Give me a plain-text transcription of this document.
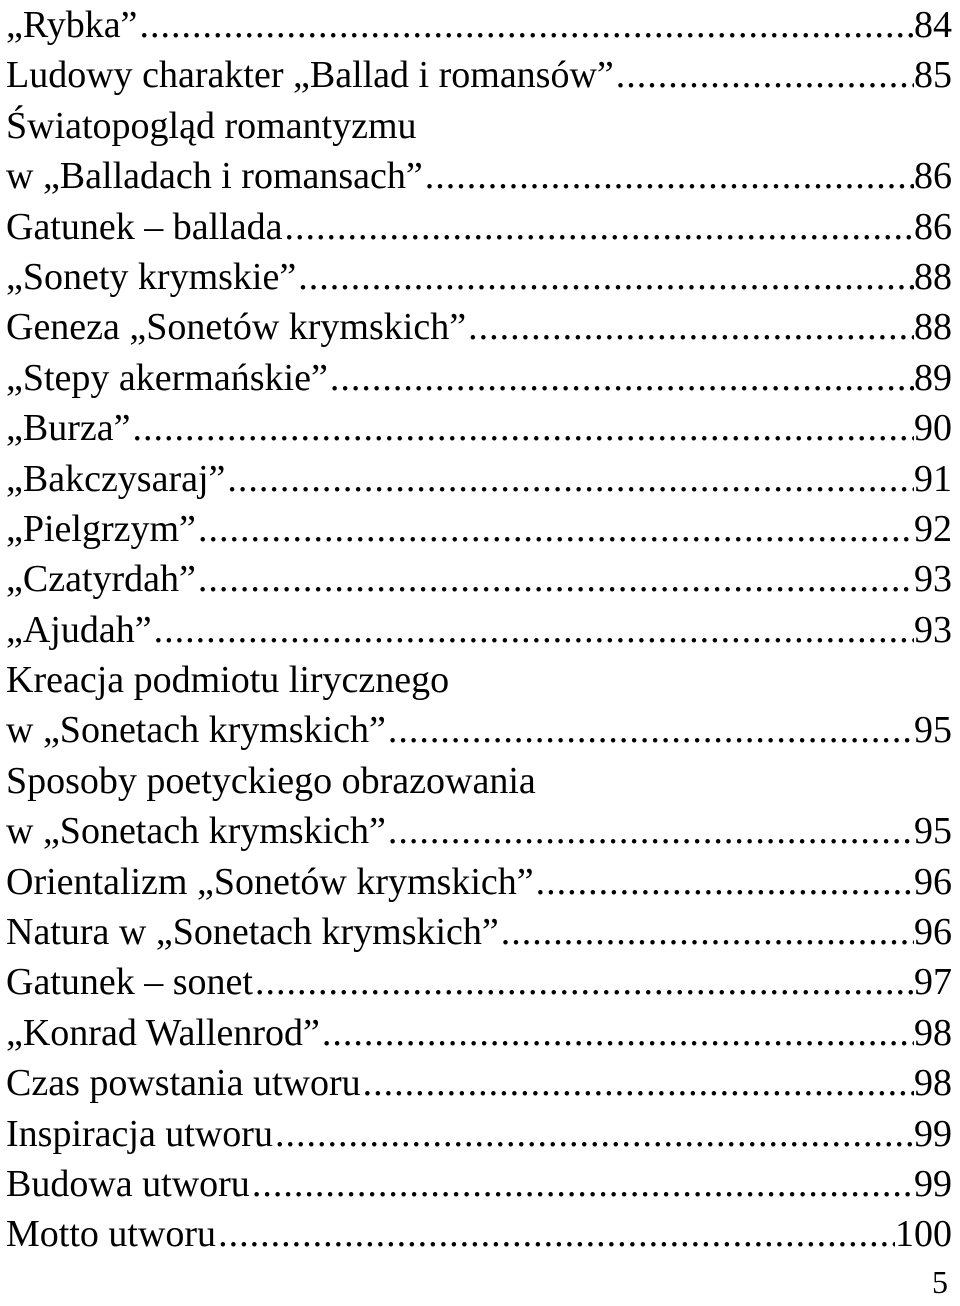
„Rybka” .....	84
Ludowy charakter „Ballad i romansów” .....	85
Światopogląd romantyzmu
w „Balladach i romansach” .....	86
Gatunek – ballada .....	86
„Sonety krymskie” .....	88
Geneza „Sonetów krymskich” .....	88
„Stepy akermańskie” .....	89
„Burza” .....	90
„Bakczysaraj” .....	91
„Pielgrzym” .....	92
„Czatyrdah” .....	93
„Ajudah” .....	93
Kreacja podmiotu lirycznego
w „Sonetach krymskich” .....	95
Sposoby poetyckiego obrazowania
w „Sonetach krymskich” .....	95
Orientalizm „Sonetów krymskich” .....	96
Natura w „Sonetach krymskich” .....	96
Gatunek – sonet .....	97
„Konrad Wallenrod” .....	98
Czas powstania utworu .....	98
Inspiracja utworu .....	99
Budowa utworu .....	99
Motto utworu .....	100
5
